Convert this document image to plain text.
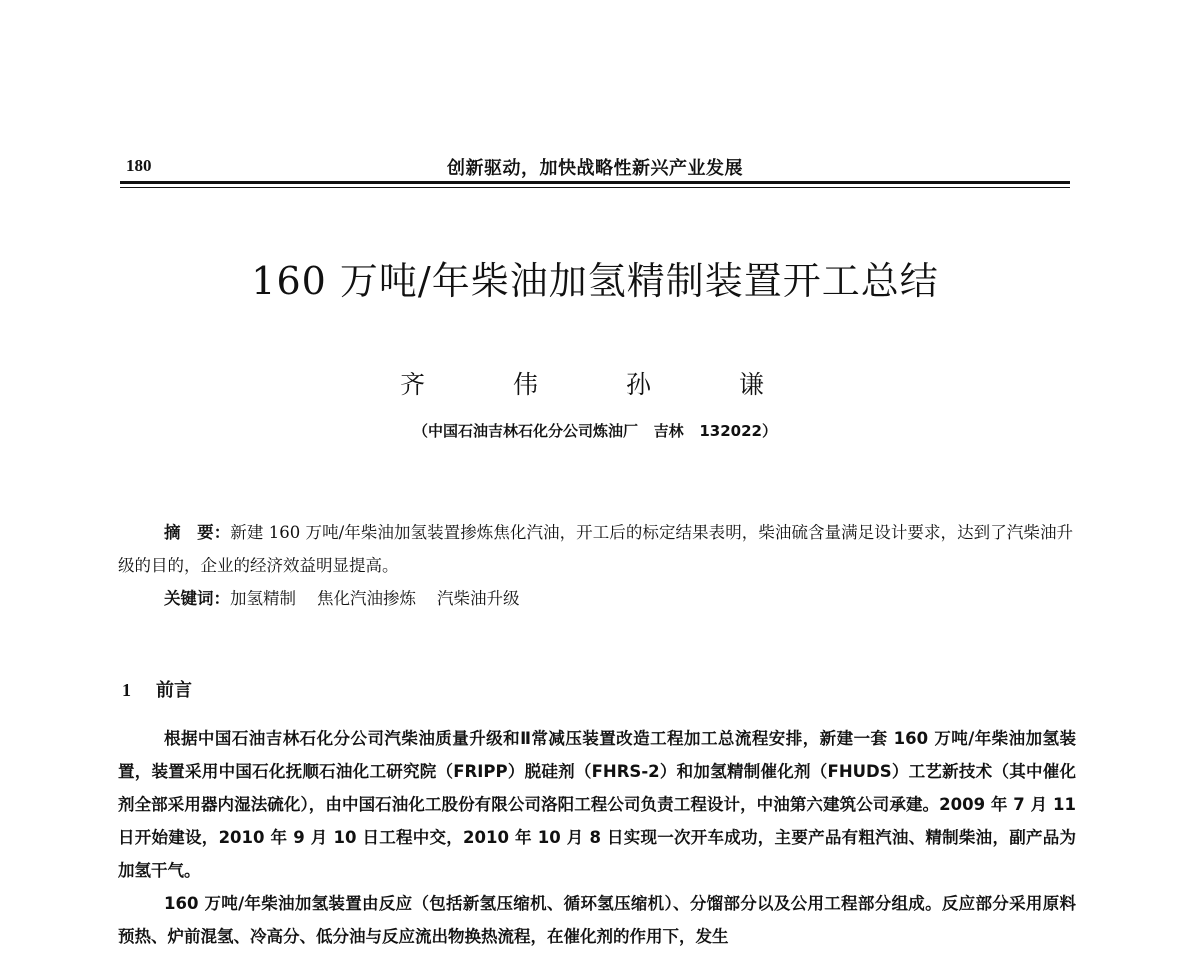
180	创新驱动，加快战略性新兴产业发展
160 万吨/年柴油加氢精制装置开工总结
齐 伟 孙 谦
（中国石油吉林石化分公司炼油厂   吉林   132022）
摘　要：新建 160 万吨/年柴油加氢装置掺炼焦化汽油，开工后的标定结果表明，柴油硫含量满足设计要求，达到了汽柴油升级的目的，企业的经济效益明显提高。
关键词：加氢精制    焦化汽油掺炼    汽柴油升级
1 前言

根据中国石油吉林石化分公司汽柴油质量升级和Ⅱ常减压装置改造工程加工总流程安排，新建一套 160 万吨/年柴油加氢装置，装置采用中国石化抚顺石油化工研究院（FRIPP）脱硅剂（FHRS-2）和加氢精制催化剂（FHUDS）工艺新技术（其中催化剂全部采用器内湿法硫化），由中国石油化工股份有限公司洛阳工程公司负责工程设计，中油第六建筑公司承建。2009 年 7 月 11 日开始建设，2010 年 9 月 10 日工程中交，2010 年 10 月 8 日实现一次开车成功，主要产品有粗汽油、精制柴油，副产品为加氢干气。

160 万吨/年柴油加氢装置由反应（包括新氢压缩机、循环氢压缩机）、分馏部分以及公用工程部分组成。反应部分采用原料预热、炉前混氢、冷高分、低分油与反应流出物换热流程，在催化剂的作用下，发生
